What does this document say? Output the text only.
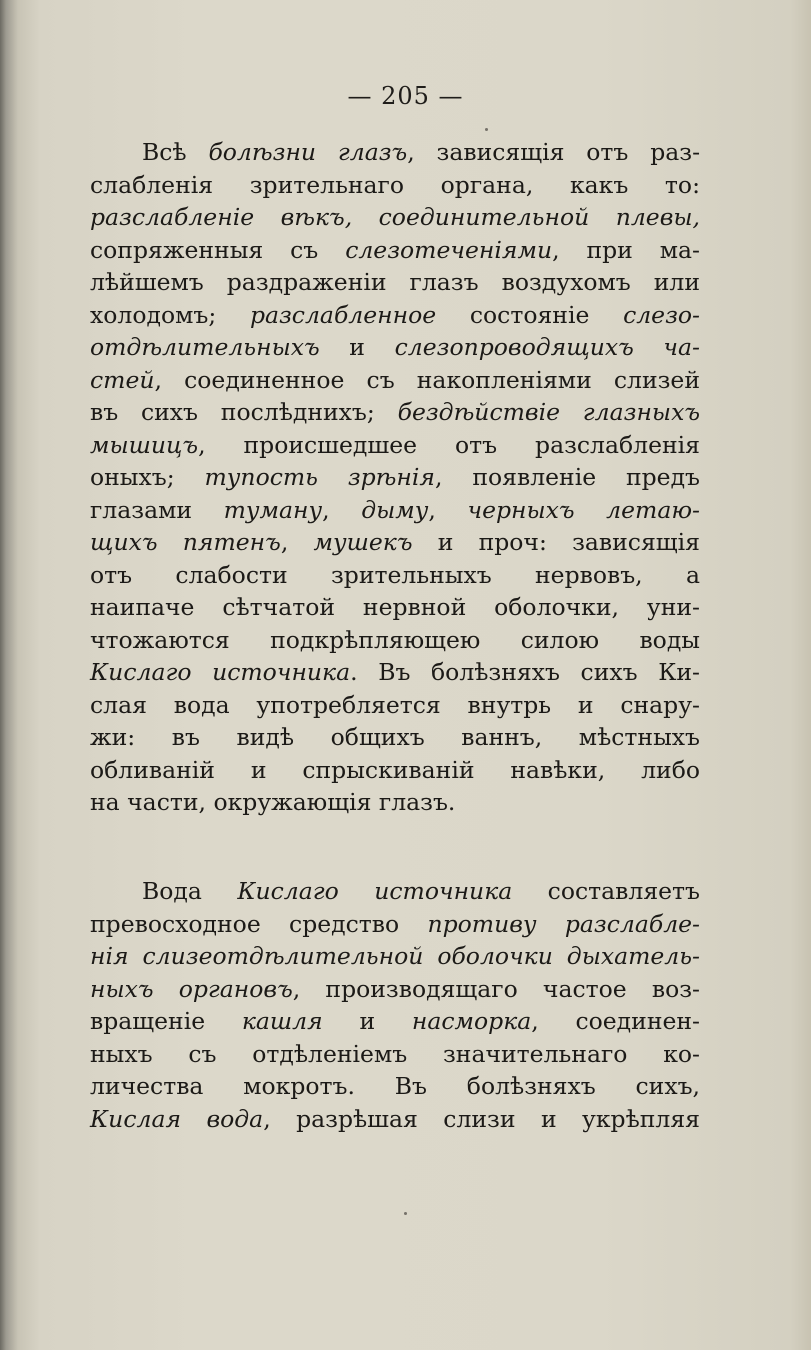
— 205 —
Всѣ болѣзни глазъ, зависящія отъ раз-
слабленія зрительнаго органа, какъ то:
разслабленіе вѣкъ, соединительной плевы,
сопряженныя съ слезотеченіями, при ма-
лѣйшемъ раздраженіи глазъ воздухомъ или
холодомъ; разслабленное состояніе слезо-
отдѣлительныхъ и слезопроводящихъ ча-
стей, соединенное съ накопленіями слизей
въ сихъ послѣднихъ; бездѣйствіе глазныхъ
мышицъ, происшедшее отъ разслабленія
оныхъ; тупость зрѣнія, появленіе предъ
глазами туману, дыму, черныхъ летаю-
щихъ пятенъ, мушекъ и проч: зависящія
отъ слабости зрительныхъ нервовъ, а
наипаче сѣтчатой нервной оболочки, уни-
чтожаются подкрѣпляющею силою воды
Кислаго источника. Въ болѣзняхъ сихъ Ки-
слая вода употребляется внутрь и снару-
жи: въ видѣ общихъ ваннъ, мѣстныхъ
обливаній и спрыскиваній навѣки, либо
на части, окружающія глазъ.
Вода Кислаго источника составляетъ
превосходное средство противу разслабле-
нія слизеотдѣлительной оболочки дыхатель-
ныхъ органовъ, производящаго частое воз-
вращеніе кашля и насморка, соединен-
ныхъ съ отдѣленіемъ значительнаго ко-
личества мокротъ. Въ болѣзняхъ сихъ,
Кислая вода, разрѣшая слизи и укрѣпляя
